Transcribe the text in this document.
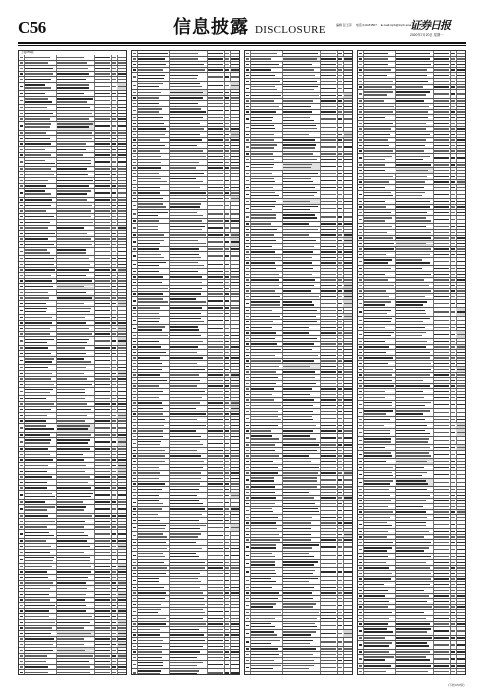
C56	信息披露 DISCLOSURE	编辑 张玉萍 电话 010-84567 E-mail:zqrb@zqrb.sina.net
证券日报
2020年7月20日 星期一
上接C55版
(下转C57版)
